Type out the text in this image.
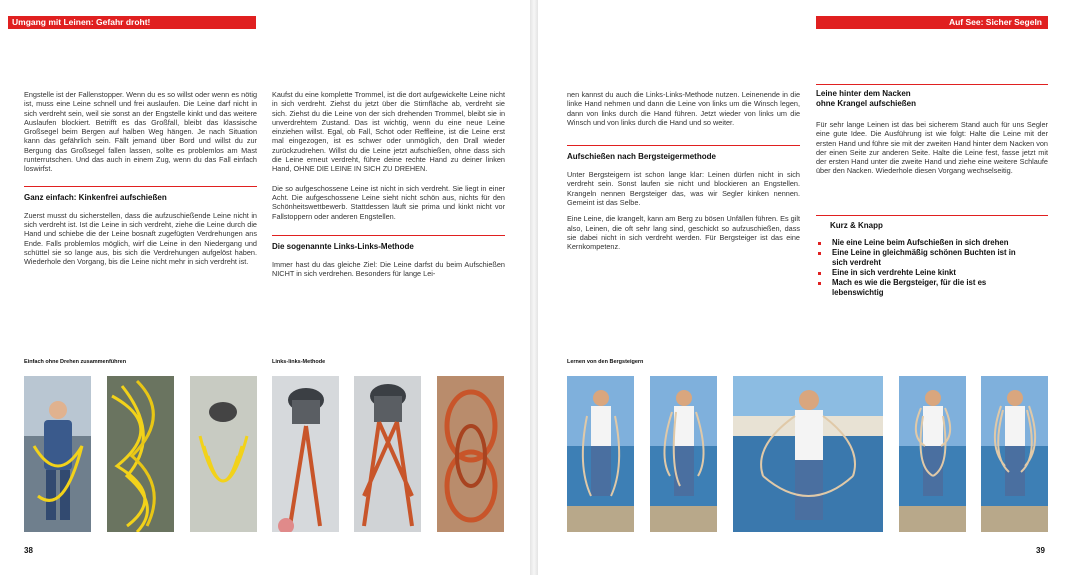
Umgang mit Leinen: Gefahr droht!	Auf See: Sicher Segeln

Engstelle ist der Fallenstopper. Wenn du es so willst oder wenn es nötig ist, muss eine Leine schnell und frei auslaufen. Die Leine darf nicht in sich verdreht sein, weil sie sonst an der Engstelle kinkt und das weitere Auslaufen blockiert. Betrifft es das Großfall, bleibt das klassische Großsegel beim Bergen auf halben Weg hängen. Je nach Situation kann das gefährlich sein. Fällt jemand über Bord und willst du zur Bergung das Großsegel fallen lassen, sollte es problemlos am Mast runterrutschen. Und das auch in einem Zug, wenn du das Fall einfach loswirfst.

Ganz einfach: Kinkenfrei aufschießen

Zuerst musst du sicherstellen, dass die aufzuschießende Leine nicht in sich verdreht ist. Ist die Leine in sich verdreht, ziehe die Leine durch die Hand und schiebe die der Leine bosnaft zugefügten Verdrehungen ans Ende. Falls problemlos möglich, wirf die Leine in den Niedergang und schüttel sie so lange aus, bis sich die Verdrehungen aufgelöst haben. Wiederhole den Vorgang, bis die Leine nicht mehr in sich verdreht ist.

Kaufst du eine komplette Trommel, ist die dort aufgewickelte Leine nicht in sich verdreht. Ziehst du jetzt über die Stirnfläche ab, verdreht sie sich. Ziehst du die Leine von der sich drehenden Trommel, bleibt sie in unverdrehtem Zustand. Das ist wichtig, wenn du eine neue Leine einziehen willst. Egal, ob Fall, Schot oder Reffleine, ist die Leine erst mal eingezogen, ist es schwer oder unmöglich, den Drall wieder zurückzudrehen. Willst du die Leine jetzt aufschießen, ohne dass sich die Leine erneut verdreht, führe deine rechte Hand zu deiner linken Hand, OHNE DIE LEINE IN SICH ZU DREHEN.

Die so aufgeschossene Leine ist nicht in sich verdreht. Sie liegt in einer Acht. Die aufgeschossene Leine sieht nicht schön aus, nichts für den Schönheitswettbewerb. Stattdessen läuft sie prima und kinkt nicht vor Fallstoppern oder anderen Engstellen.

Die sogenannte Links-Links-Methode

Immer hast du das gleiche Ziel: Die Leine darfst du beim Aufschießen NICHT in sich verdrehen. Besonders für lange Lei-

Einfach ohne Drehen zusammenführen	Links-links-Methode
38

nen kannst du auch die Links-Links-Methode nutzen. Leinenende in die linke Hand nehmen und dann die Leine von links um die Winsch legen, dann von links durch die Hand führen. Jetzt wieder von links um die Winsch und von links durch die Hand und so weiter.

Aufschießen nach Bergsteigermethode

Unter Bergsteigern ist schon lange klar: Leinen dürfen nicht in sich verdreht sein. Sonst laufen sie nicht und blockieren an Engstellen. Krangeln nennen Bergsteiger das, was wir Segler kinken nennen. Gemeint ist das Selbe.

Eine Leine, die krangelt, kann am Berg zu bösen Unfällen führen. Es gilt also, Leinen, die oft sehr lang sind, geschickt so aufzuschießen, dass sie dabei nicht in sich verdreht werden. Für Bergsteiger ist das eine Kernkompetenz.

Leine hinter dem Nacken
ohne Krangel aufschießen

Für sehr lange Leinen ist das bei sicherem Stand auch für uns Segler eine gute Idee. Die Ausführung ist wie folgt: Halte die Leine mit der ersten Hand und führe sie mit der zweiten Hand hinter dem Nacken von der einen Seite zur anderen Seite. Halte die Leine fest, fasse jetzt mit der ersten Hand unter die zweite Hand und ziehe eine weitere Schlaufe über den Nacken. Wiederhole diesen Vorgang wechselseitig.

Kurz & Knapp
Nie eine Leine beim Aufschießen in sich drehen
Eine Leine in gleichmäßig schönen Buchten ist in sich verdreht
Eine in sich verdrehte Leine kinkt
Mach es wie die Bergsteiger, für die ist es lebenswichtig
Lernen von den Bergsteigern
39
